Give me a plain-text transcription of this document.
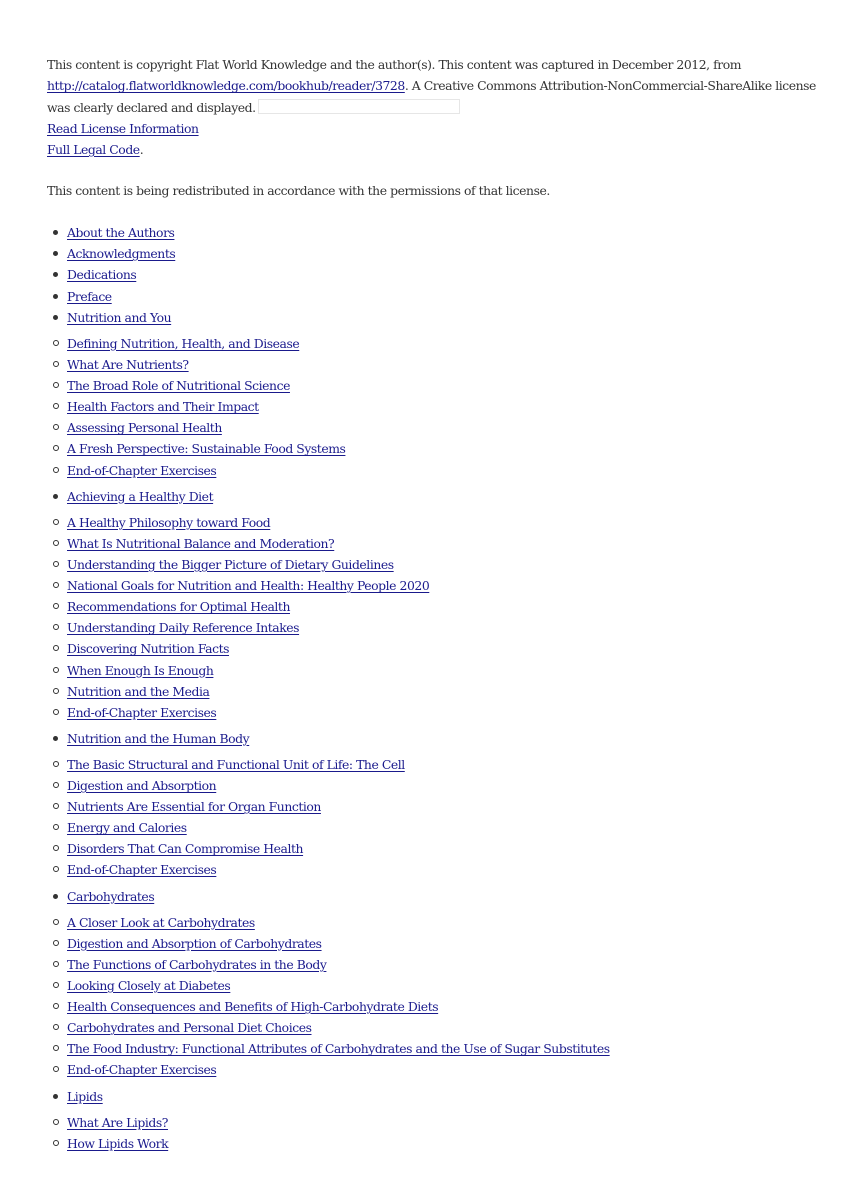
This content is copyright Flat World Knowledge and the author(s). This content was captured in December 2012, from
http://catalog.flatworldknowledge.com/bookhub/reader/3728. A Creative Commons Attribution-NonCommercial-ShareAlike license was clearly declared and displayed.

Read License Information
Full Legal Code.

This content is being redistributed in accordance with the permissions of that license.

About the Authors
Acknowledgments
Dedications
Preface
Nutrition and You
Defining Nutrition, Health, and Disease
What Are Nutrients?
The Broad Role of Nutritional Science
Health Factors and Their Impact
Assessing Personal Health
A Fresh Perspective: Sustainable Food Systems
End-of-Chapter Exercises
Achieving a Healthy Diet
A Healthy Philosophy toward Food
What Is Nutritional Balance and Moderation?
Understanding the Bigger Picture of Dietary Guidelines
National Goals for Nutrition and Health: Healthy People 2020
Recommendations for Optimal Health
Understanding Daily Reference Intakes
Discovering Nutrition Facts
When Enough Is Enough
Nutrition and the Media
End-of-Chapter Exercises
Nutrition and the Human Body
The Basic Structural and Functional Unit of Life: The Cell
Digestion and Absorption
Nutrients Are Essential for Organ Function
Energy and Calories
Disorders That Can Compromise Health
End-of-Chapter Exercises
Carbohydrates
A Closer Look at Carbohydrates
Digestion and Absorption of Carbohydrates
The Functions of Carbohydrates in the Body
Looking Closely at Diabetes
Health Consequences and Benefits of High-Carbohydrate Diets
Carbohydrates and Personal Diet Choices
The Food Industry: Functional Attributes of Carbohydrates and the Use of Sugar Substitutes
End-of-Chapter Exercises
Lipids
What Are Lipids?
How Lipids Work
